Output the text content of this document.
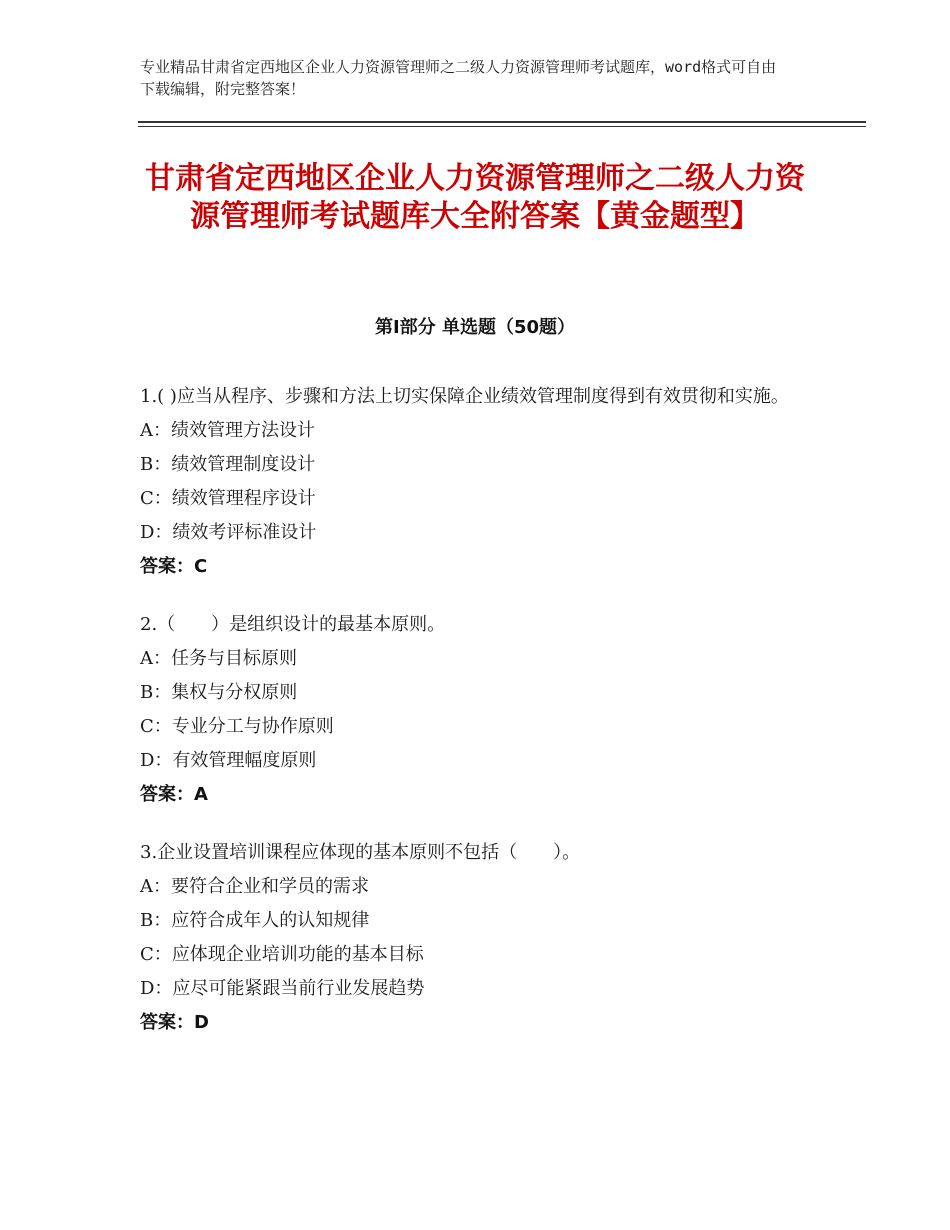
专业精品甘肃省定西地区企业人力资源管理师之二级人力资源管理师考试题库，word格式可自由下载编辑，附完整答案！
甘肃省定西地区企业人力资源管理师之二级人力资源管理师考试题库大全附答案【黄金题型】
第Ⅰ部分 单选题（50题）

1.( )应当从程序、步骤和方法上切实保障企业绩效管理制度得到有效贯彻和实施。

A：绩效管理方法设计

B：绩效管理制度设计

C：绩效管理程序设计

D：绩效考评标准设计

答案：C

2.（　　）是组织设计的最基本原则。

A：任务与目标原则

B：集权与分权原则

C：专业分工与协作原则

D：有效管理幅度原则

答案：A

3.企业设置培训课程应体现的基本原则不包括（　　）。

A：要符合企业和学员的需求

B：应符合成年人的认知规律

C：应体现企业培训功能的基本目标

D：应尽可能紧跟当前行业发展趋势

答案：D
